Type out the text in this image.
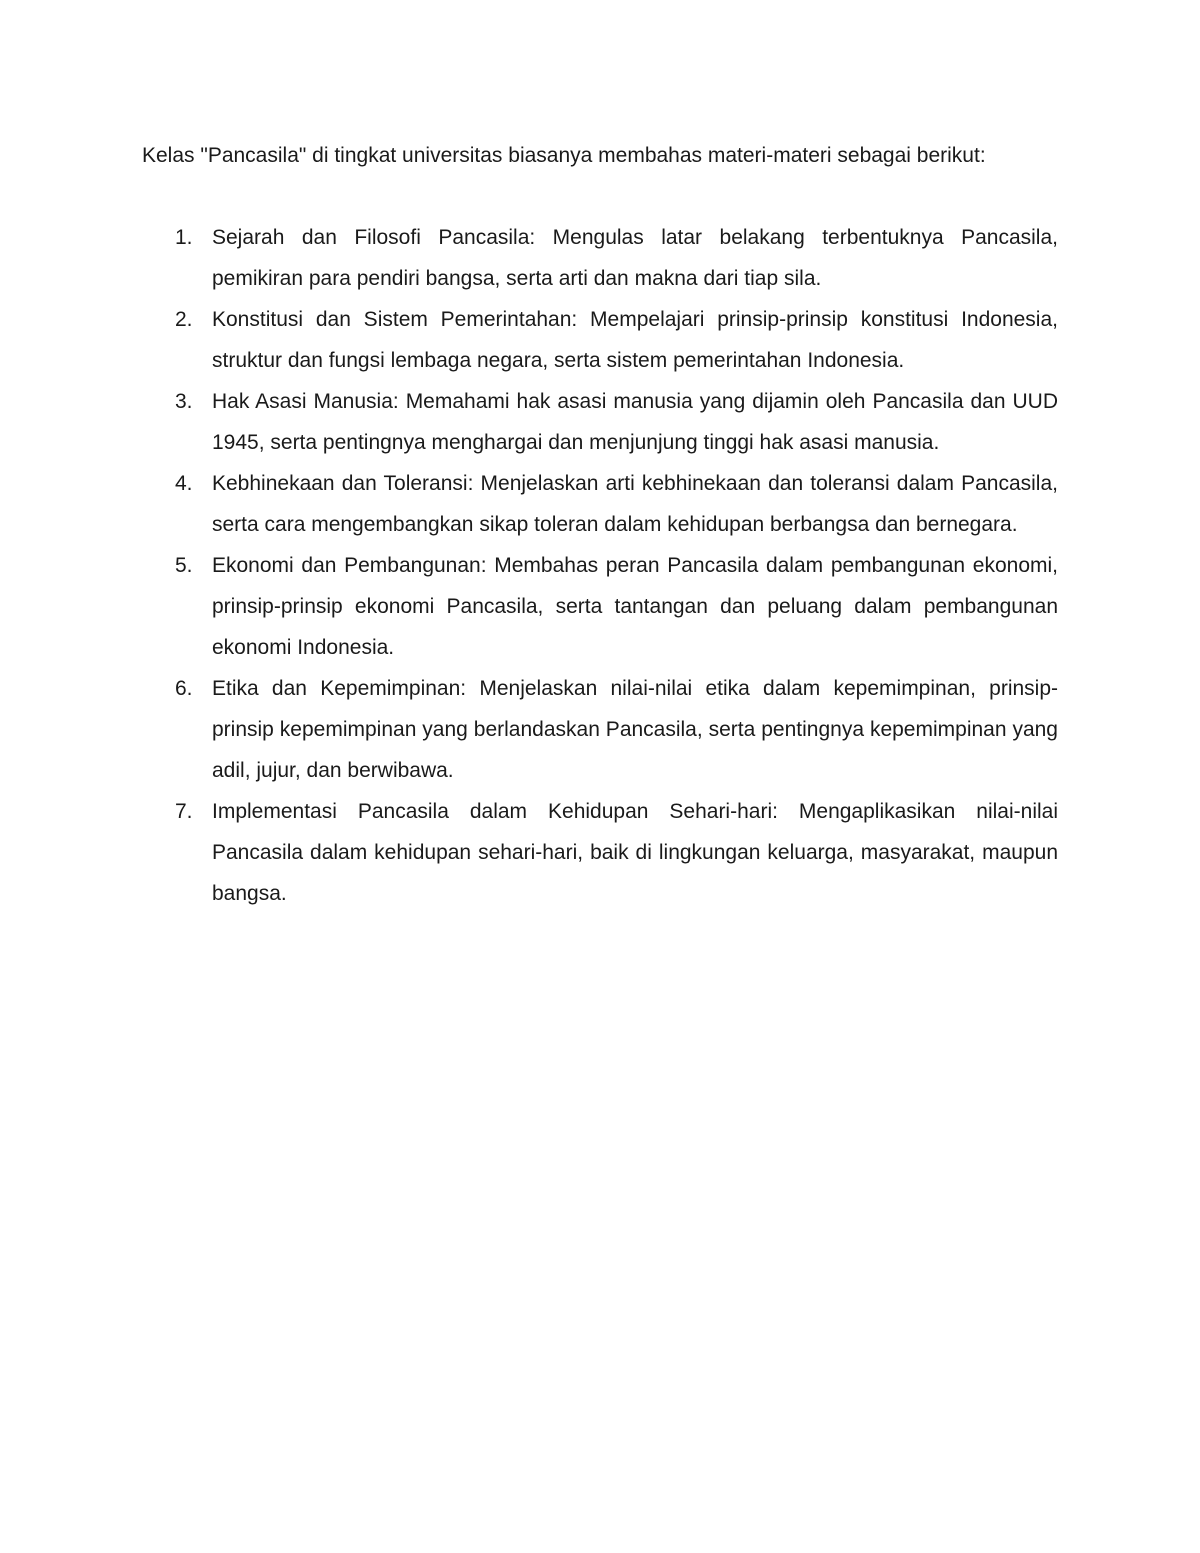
Kelas "Pancasila" di tingkat universitas biasanya membahas materi-materi sebagai berikut:

1. Sejarah dan Filosofi Pancasila: Mengulas latar belakang terbentuknya Pancasila, pemikiran para pendiri bangsa, serta arti dan makna dari tiap sila.
2. Konstitusi dan Sistem Pemerintahan: Mempelajari prinsip-prinsip konstitusi Indonesia, struktur dan fungsi lembaga negara, serta sistem pemerintahan Indonesia.
3. Hak Asasi Manusia: Memahami hak asasi manusia yang dijamin oleh Pancasila dan UUD 1945, serta pentingnya menghargai dan menjunjung tinggi hak asasi manusia.
4. Kebhinekaan dan Toleransi: Menjelaskan arti kebhinekaan dan toleransi dalam Pancasila, serta cara mengembangkan sikap toleran dalam kehidupan berbangsa dan bernegara.
5. Ekonomi dan Pembangunan: Membahas peran Pancasila dalam pembangunan ekonomi, prinsip-prinsip ekonomi Pancasila, serta tantangan dan peluang dalam pembangunan ekonomi Indonesia.
6. Etika dan Kepemimpinan: Menjelaskan nilai-nilai etika dalam kepemimpinan, prinsip-prinsip kepemimpinan yang berlandaskan Pancasila, serta pentingnya kepemimpinan yang adil, jujur, dan berwibawa.
7. Implementasi Pancasila dalam Kehidupan Sehari-hari: Mengaplikasikan nilai-nilai Pancasila dalam kehidupan sehari-hari, baik di lingkungan keluarga, masyarakat, maupun bangsa.
